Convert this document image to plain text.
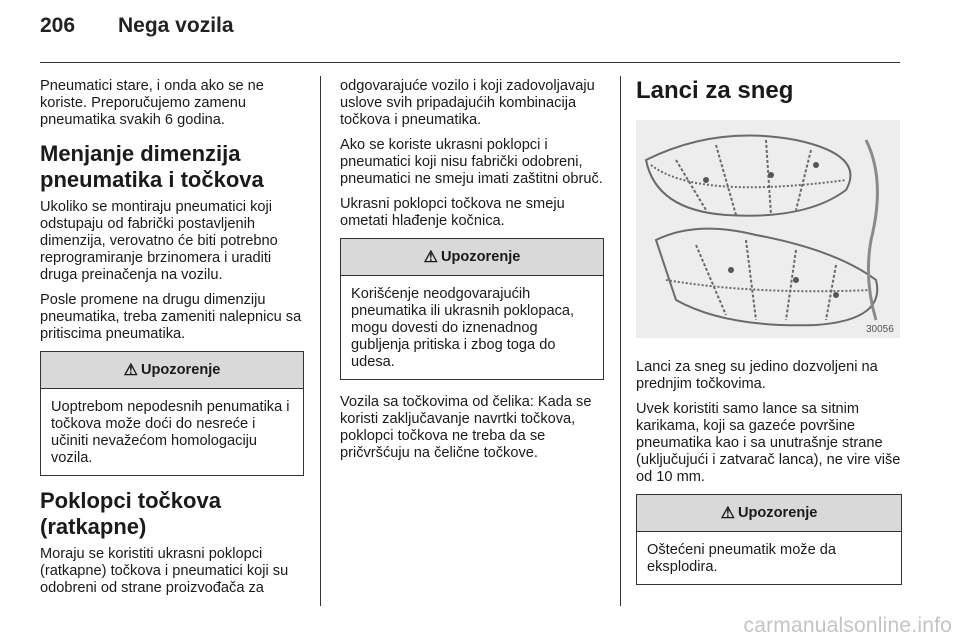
206 Nega vozila

Pneumatici stare, i onda ako se ne koriste. Preporučujemo zamenu pneumatika svakih 6 godina.

Menjanje dimenzija pneumatika i točkova

Ukoliko se montiraju pneumatici koji odstupaju od fabrički postavljenih dimenzija, verovatno će biti potrebno reprogramiranje brzinomera i uraditi druga preinačenja na vozilu.

Posle promene na drugu dimenziju pneumatika, treba zameniti nalepnicu sa pritiscima pneumatika.

⚠ Upozorenje
Uoptrebom nepodesnih penumatika i točkova može doći do nesreće i učiniti nevažećom homologaciju vozila.
Poklopci točkova (ratkapne)

Moraju se koristiti ukrasni poklopci (ratkapne) točkova i pneumatici koji su odobreni od strane proizvođača za

odgovarajuće vozilo i koji zadovoljavaju uslove svih pripadajućih kombinacija točkova i pneumatika.

Ako se koriste ukrasni poklopci i pneumatici koji nisu fabrički odobreni, pneumatici ne smeju imati zaštitni obruč.

Ukrasni poklopci točkova ne smeju ometati hlađenje kočnica.

⚠ Upozorenje
Korišćenje neodgovarajućih pneumatika ili ukrasnih poklopaca, mogu dovesti do iznenadnog gubljenja pritiska i zbog toga do udesa.

Vozila sa točkovima od čelika: Kada se koristi zaključavanje navrtki točkova, poklopci točkova ne treba da se pričvršćuju na čelične točkove.

Lanci za sneg
30056

Lanci za sneg su jedino dozvoljeni na prednjim točkovima.

Uvek koristiti samo lance sa sitnim karikama, koji sa gazeće površine pneumatika kao i sa unutrašnje strane (uključujući i zatvarač lanca), ne vire više od 10 mm.

⚠ Upozorenje
Oštećeni pneumatik može da eksplodira.
carmanualsonline.info
